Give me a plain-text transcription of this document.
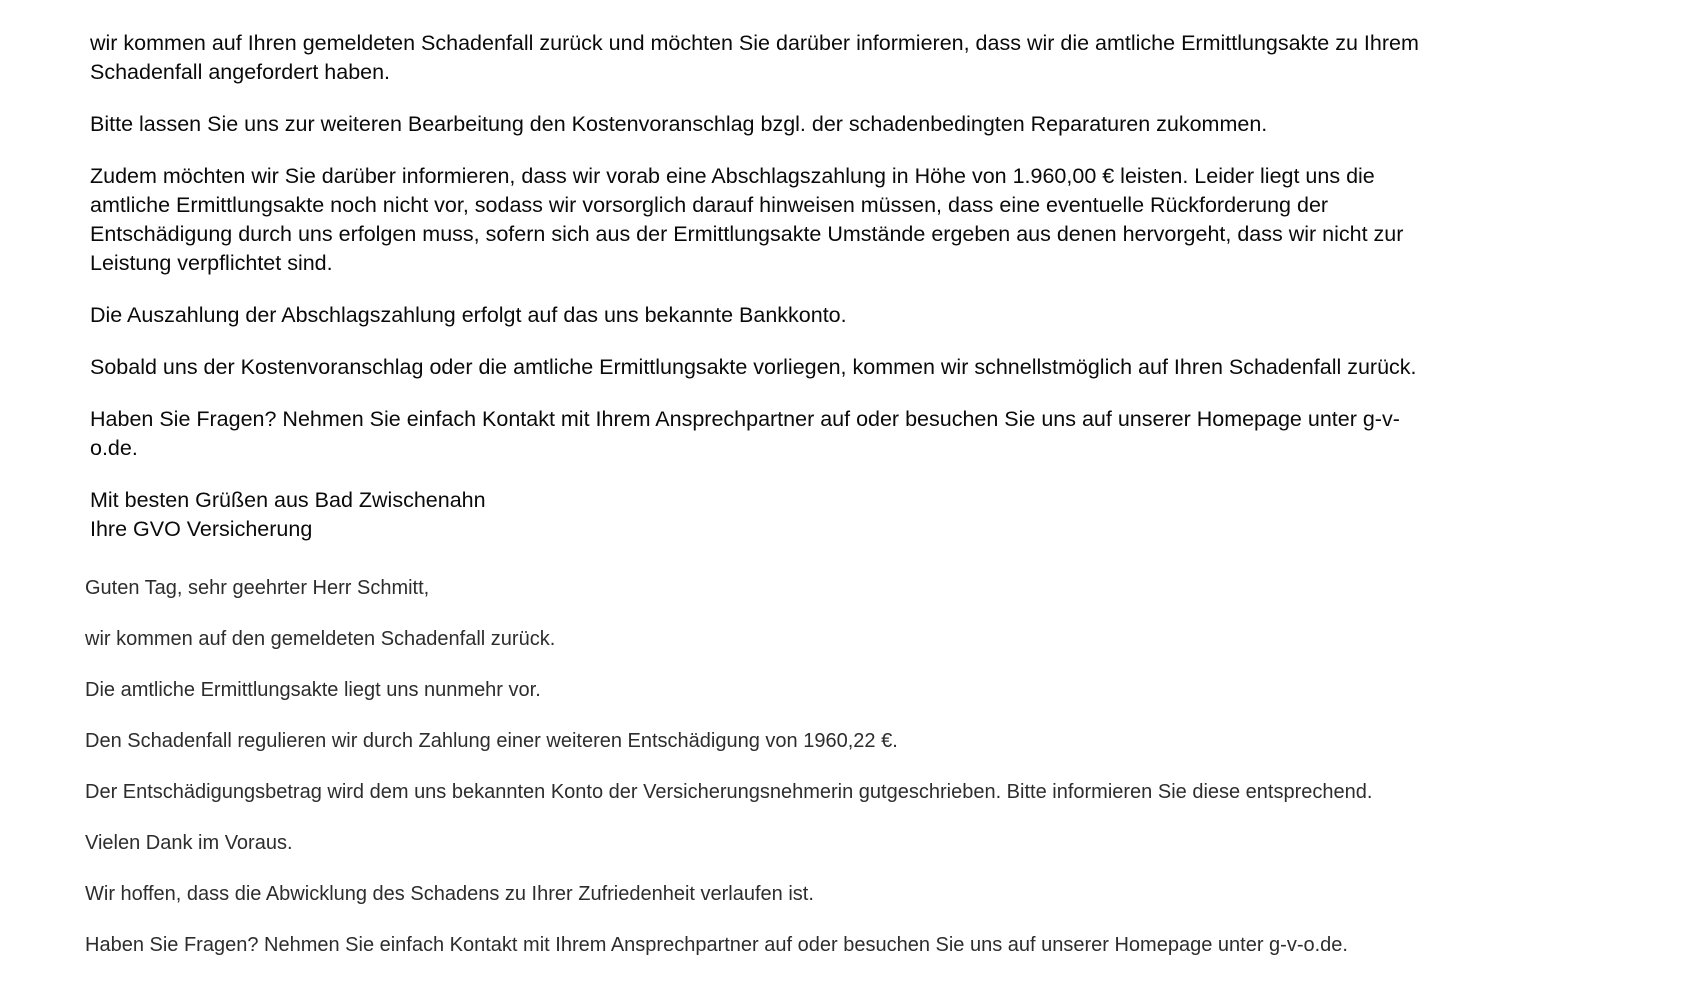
wir kommen auf Ihren gemeldeten Schadenfall zurück und möchten Sie darüber informieren, dass wir die amtliche Ermittlungsakte zu Ihrem Schadenfall angefordert haben.

Bitte lassen Sie uns zur weiteren Bearbeitung den Kostenvoranschlag bzgl. der schadenbedingten Reparaturen zukommen.

Zudem möchten wir Sie darüber informieren, dass wir vorab eine Abschlagszahlung in Höhe von 1.960,00 € leisten. Leider liegt uns die amtliche Ermittlungsakte noch nicht vor, sodass wir vorsorglich darauf hinweisen müssen, dass eine eventuelle Rückforderung der Entschädigung durch uns erfolgen muss, sofern sich aus der Ermittlungsakte Umstände ergeben aus denen hervorgeht, dass wir nicht zur Leistung verpflichtet sind.

Die Auszahlung der Abschlagszahlung erfolgt auf das uns bekannte Bankkonto.

Sobald uns der Kostenvoranschlag oder die amtliche Ermittlungsakte vorliegen, kommen wir schnellstmöglich auf Ihren Schadenfall zurück.

Haben Sie Fragen? Nehmen Sie einfach Kontakt mit Ihrem Ansprechpartner auf oder besuchen Sie uns auf unserer Homepage unter g-v-o.de.

Mit besten Grüßen aus Bad Zwischenahn
Ihre GVO Versicherung

Guten Tag, sehr geehrter Herr Schmitt,

wir kommen auf den gemeldeten Schadenfall zurück.

Die amtliche Ermittlungsakte liegt uns nunmehr vor.

Den Schadenfall regulieren wir durch Zahlung einer weiteren Entschädigung von 1960,22 €.

Der Entschädigungsbetrag wird dem uns bekannten Konto der Versicherungsnehmerin gutgeschrieben. Bitte informieren Sie diese entsprechend.

Vielen Dank im Voraus.

Wir hoffen, dass die Abwicklung des Schadens zu Ihrer Zufriedenheit verlaufen ist.

Haben Sie Fragen? Nehmen Sie einfach Kontakt mit Ihrem Ansprechpartner auf oder besuchen Sie uns auf unserer Homepage unter g-v-o.de.
